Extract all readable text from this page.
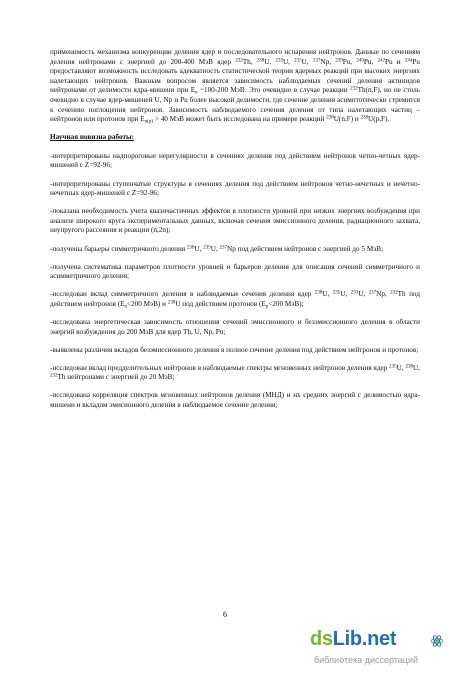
применимость механизма конкуренции деления ядер и последовательного испарения нейтронов. Данные по сечениям деления нейтронами с энергией до 200-400 МэВ ядер $^{232}$Th, $^{238}$U, $^{233}$U, $^{235}$U, $^{237}$Np, $^{239}$Pu, $^{240}$Pu, $^{242}$Pu и $^{244}$Pu предоставляют возможность исследовать адекватность статистической теории ядерных реакций при высоких энергиях налетающих нейтронов. Важным вопросом является зависимость наблюдаемых сечений деления актинидов нейтронами от делимости ядра-мишени при $E_n$ ~100-200 МэВ. Это очевидно в случае реакции $^{232}$Th(n,F), но не столь очевидно в случае ядер-мишеней U, Np и Pu более высокой делимости, где сечение деления асимптотически стремится к сечению поглощения нейтронов. Зависимость наблюдаемого сечения деления от типа налетающих частиц – нейтронов или протонов при $E_{n(p)} > 40$ МэВ может быть исследована на примере реакций $^{238}$U(n,F) и $^{238}$U(p,F).

Научная новизна работы:

-интерпретированы надпороговые нерегулярности в сечениях деления под действием нейтронов четно-четных ядер-мишеней с Z=92-96;

-интерпретированы ступенчатые структуры в сечениях деления под действием нейтронов четно-нечетных и нечетно-нечетных ядер-мишеней с Z=92-96;

-показана необходимость учета квазичастичных эффектов в плотности уровней при низких энергиях возбуждения при анализе широкого круга экспериментальных данных, включая сечения эмиссионного деления, радиационного захвата, неупругого рассеяния и реакции (n,2n);

-получены барьеры симметричного деления $^{238}$U, $^{235}$U, $^{237}$Np под действием нейтронов с энергией до 5 МэВ;

-получена систематика параметров плотности уровней и барьеров деления для описания сечений симметричного и асимметричного деления;

-исследован вклад симметричного деления в наблюдаемые сечения деления ядер $^{238}$U, $^{235}$U, $^{233}$U, $^{237}$Np, $^{232}$Th под действием нейтронов ($E_n<200$ МэВ) и $^{238}$U под действием протонов ($E_p<200$ МэВ);

-исследована энергетическая зависимость отношения сечений эмиссионного и безэмиссионного деления в области энергий возбуждения до 200 МэВ для ядер Th, U, Np, Pu;

-выявлены различия вкладов безэмиссионного деления в полное сечение деления под действием нейтронов и протонов;

-исследован вклад предделительных нейтронов в наблюдаемые спектры мгновенных нейтронов деления ядер $^{235}$U, $^{238}$U, $^{232}$Th нейтронами с энергией до 20 МэВ;

-исследована корреляция спектров мгновенных нейтронов деления (МНД) и их средних энергий с делимостью ядра-мишени и вкладом эмисионного деления в наблюдаемое сечение деления;

6
ds Lib .net
библиотека диссертаций
